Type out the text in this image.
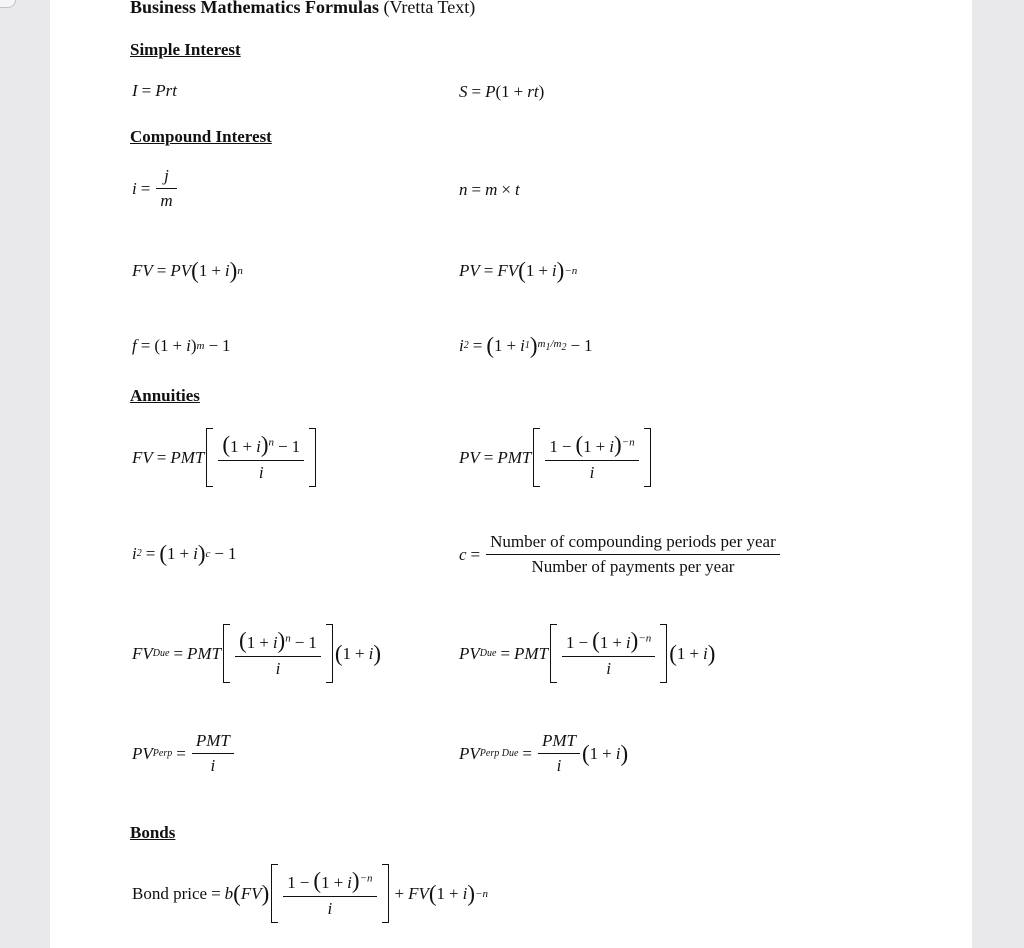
Business Mathematics Formulas (Vretta Text)
Simple Interest
I = Prt	S = P (1 + rt )
Compound Interest
$i = \frac{j}{m}$	n = m × t
FV = PV ( 1 + i ) n	PV = FV ( 1 + i ) −n
f = (1 + i ) m − 1	i 2 = ( 1 + i 1 ) $m_1/m_2 - 1$
Annuities
FV = PMT $\frac{(1 + i)^n - 1}{i}$	PV = PMT $\frac{1 - (1 + i)^{-n}}{i}$
i 2 = ( 1 + i ) c − 1	$c = \frac{\text{Number of compounding periods per year}}{\text{Number of payments per year}}$
FV Due = PMT $\frac{(1 + i)^n - 1}{i}$ ( 1 + i )	PV Due = PMT $\frac{1 - (1 + i)^{-n}}{i}$ ( 1 + i )
PV Perp = $\frac{\text{PMT}}{i}$	PV Perp Due = $\frac{\text{PMT}}{i}$ ( 1 + i )
Bonds
Bond price = b ( FV ) $\frac{1 - (1 + i)^{-n}}{i}$ + FV ( 1 + i ) −n
